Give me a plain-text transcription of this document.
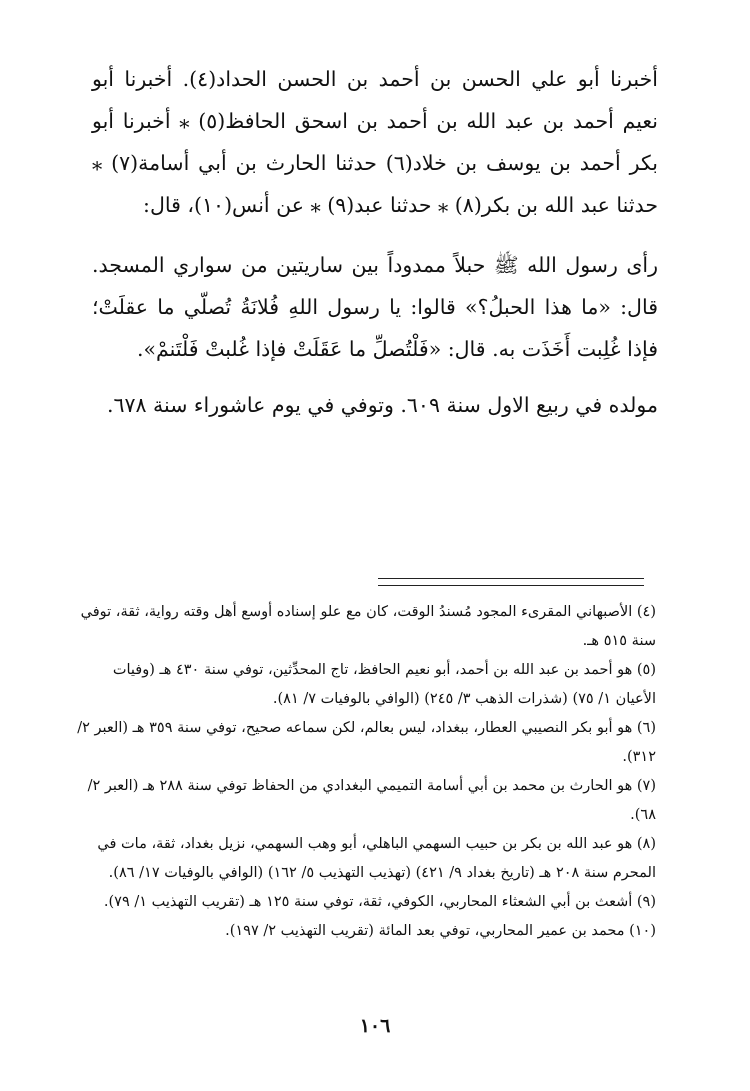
أخبرنا أبو علي الحسن بن أحمد بن الحسن الحداد(٤). أخبرنا أبو نعيم أحمد بن عبد الله بن أحمد بن اسحق الحافظ(٥) ⁎ أخبرنا أبو بكر أحمد بن يوسف بن خلاد(٦) حدثنا الحارث بن أبي أسامة(٧) ⁎ حدثنا عبد الله بن بكر(٨) ⁎ حدثنا عبد(٩) ⁎ عن أنس(١٠)، قال:

رأى رسول الله ﷺ حبلاً ممدوداً بين ساريتين من سواري المسجد. قال: «ما هذا الحبلُ؟» قالوا: يا رسول اللهِ فُلانَةُ تُصلّي ما عقلَتْ؛ فإذا غُلِبت أَخَذَت به. قال: «فَلْتُصلِّ ما عَقَلَتْ فإذا غُلبتْ فَلْتَنمْ».

مولده في ربيع الاول سنة ٦٠٩. وتوفي في يوم عاشوراء سنة ٦٧٨.

(٤) الأصبهاني المقرىء المجود مُسندُ الوقت، كان مع علو إسناده أوسع أهل وقته رواية، ثقة، توفي سنة ٥١٥ هـ.

(٥) هو أحمد بن عبد الله بن أحمد، أبو نعيم الحافظ، تاج المحدِّثين، توفي سنة ٤٣٠ هـ (وفيات الأعيان ١/ ٧٥) (شذرات الذهب ٣/ ٢٤٥) (الوافي بالوفيات ٧/ ٨١).

(٦) هو أبو بكر النصيبي العطار، ببغداد، ليس بعالم، لكن سماعه صحيح، توفي سنة ٣٥٩ هـ (العبر ٢/ ٣١٢).

(٧) هو الحارث بن محمد بن أبي أسامة التميمي البغدادي من الحفاظ توفي سنة ٢٨٨ هـ (العبر ٢/ ٦٨).

(٨) هو عبد الله بن بكر بن حبيب السهمي الباهلي، أبو وهب السهمي، نزيل بغداد، ثقة، مات في المحرم سنة ٢٠٨ هـ (تاريخ بغداد ٩/ ٤٢١) (تهذيب التهذيب ٥/ ١٦٢) (الوافي بالوفيات ١٧/ ٨٦).

(٩) أشعث بن أبي الشعثاء المحاربي، الكوفي، ثقة، توفي سنة ١٢٥ هـ (تقريب التهذيب ١/ ٧٩).

(١٠) محمد بن عمير المحاربي، توفي بعد المائة (تقريب التهذيب ٢/ ١٩٧).

١٠٦
